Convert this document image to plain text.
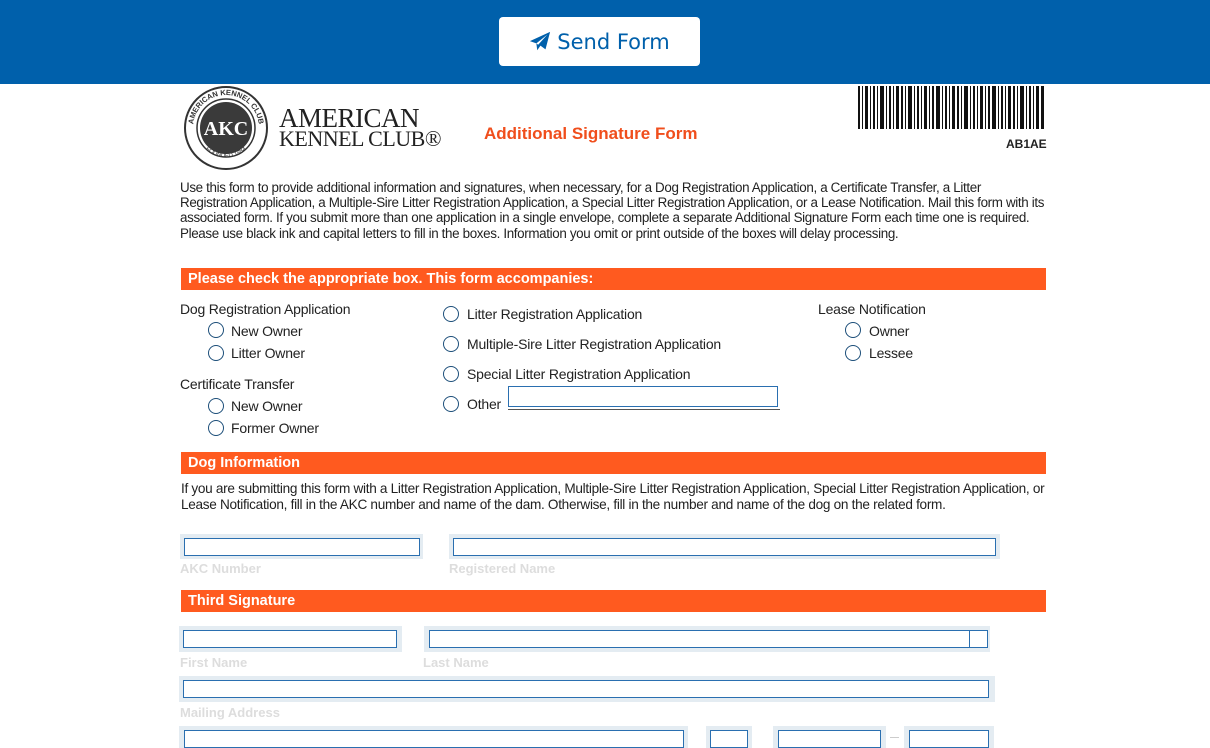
Send Form
AKC
AMERICAN KENNEL CLUB
FOUNDED 1884
AMERICAN
KENNEL CLUB®	Additional Signature Form
AB1AE
Use this form to provide additional information and signatures, when necessary, for a Dog Registration Application, a Certificate Transfer, a Litter Registration Application, a Multiple-Sire Litter Registration Application, a Special Litter Registration Application, or a Lease Notification. Mail this form with its associated form. If you submit more than one application in a single envelope, complete a separate Additional Signature Form each time one is required. Please use black ink and capital letters to fill in the boxes. Information you omit or print outside of the boxes will delay processing.
Please check the appropriate box. This form accompanies:
Dog Registration Application
New Owner
Litter Owner
Certificate Transfer
New Owner
Former Owner
Litter Registration Application
Multiple-Sire Litter Registration Application
Special Litter Registration Application
Other
Lease Notification
Owner
Lessee
Dog Information
If you are submitting this form with a Litter Registration Application, Multiple-Sire Litter Registration Application, Special Litter Registration Application, or Lease Notification, fill in the AKC number and name of the dam. Otherwise, fill in the number and name of the dog on the related form.
AKC Number	Registered Name
Third Signature
First Name	Last Name
Mailing Address
